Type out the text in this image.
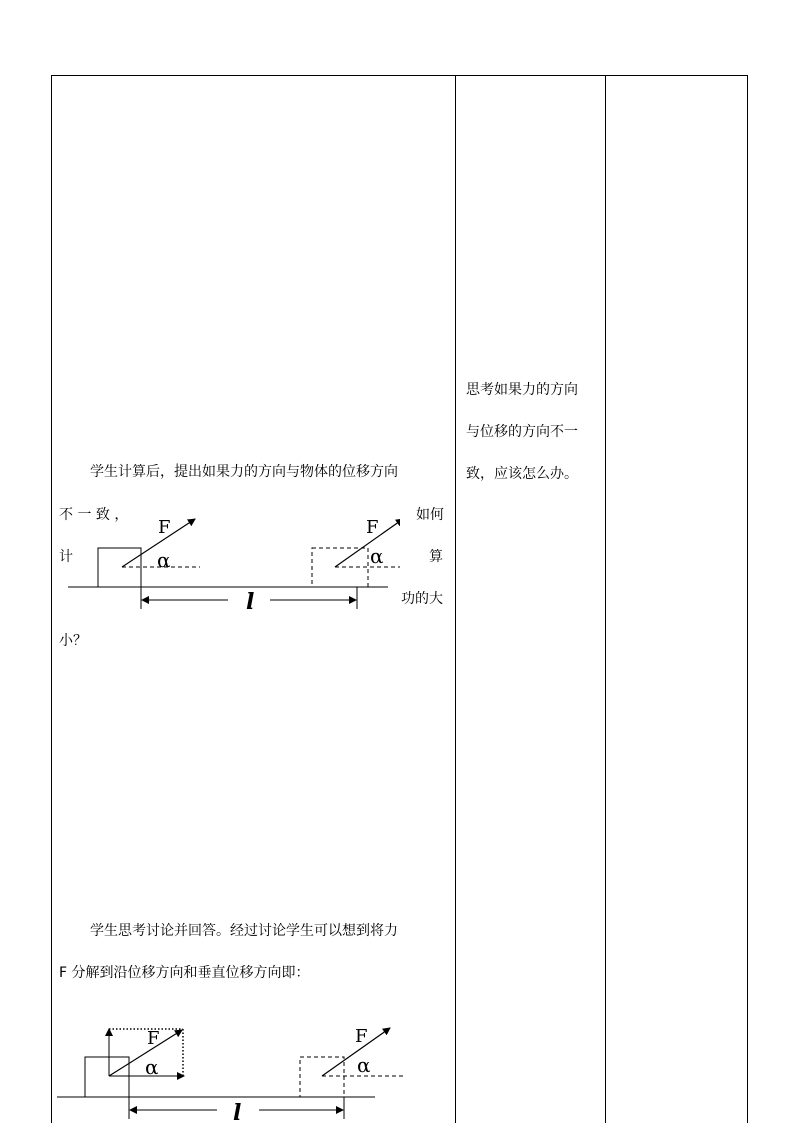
学生计算后，提出如果力的方向与物体的位移方向
不 一 致 ，	如何
计	算
功的大
小？
F
α
F
α
l
学生思考讨论并回答。经过讨论学生可以想到将力
F 分解到沿位移方向和垂直位移方向即：
F
α
F
α
l
思考如果力的方向
与位移的方向不一
致，应该怎么办。
